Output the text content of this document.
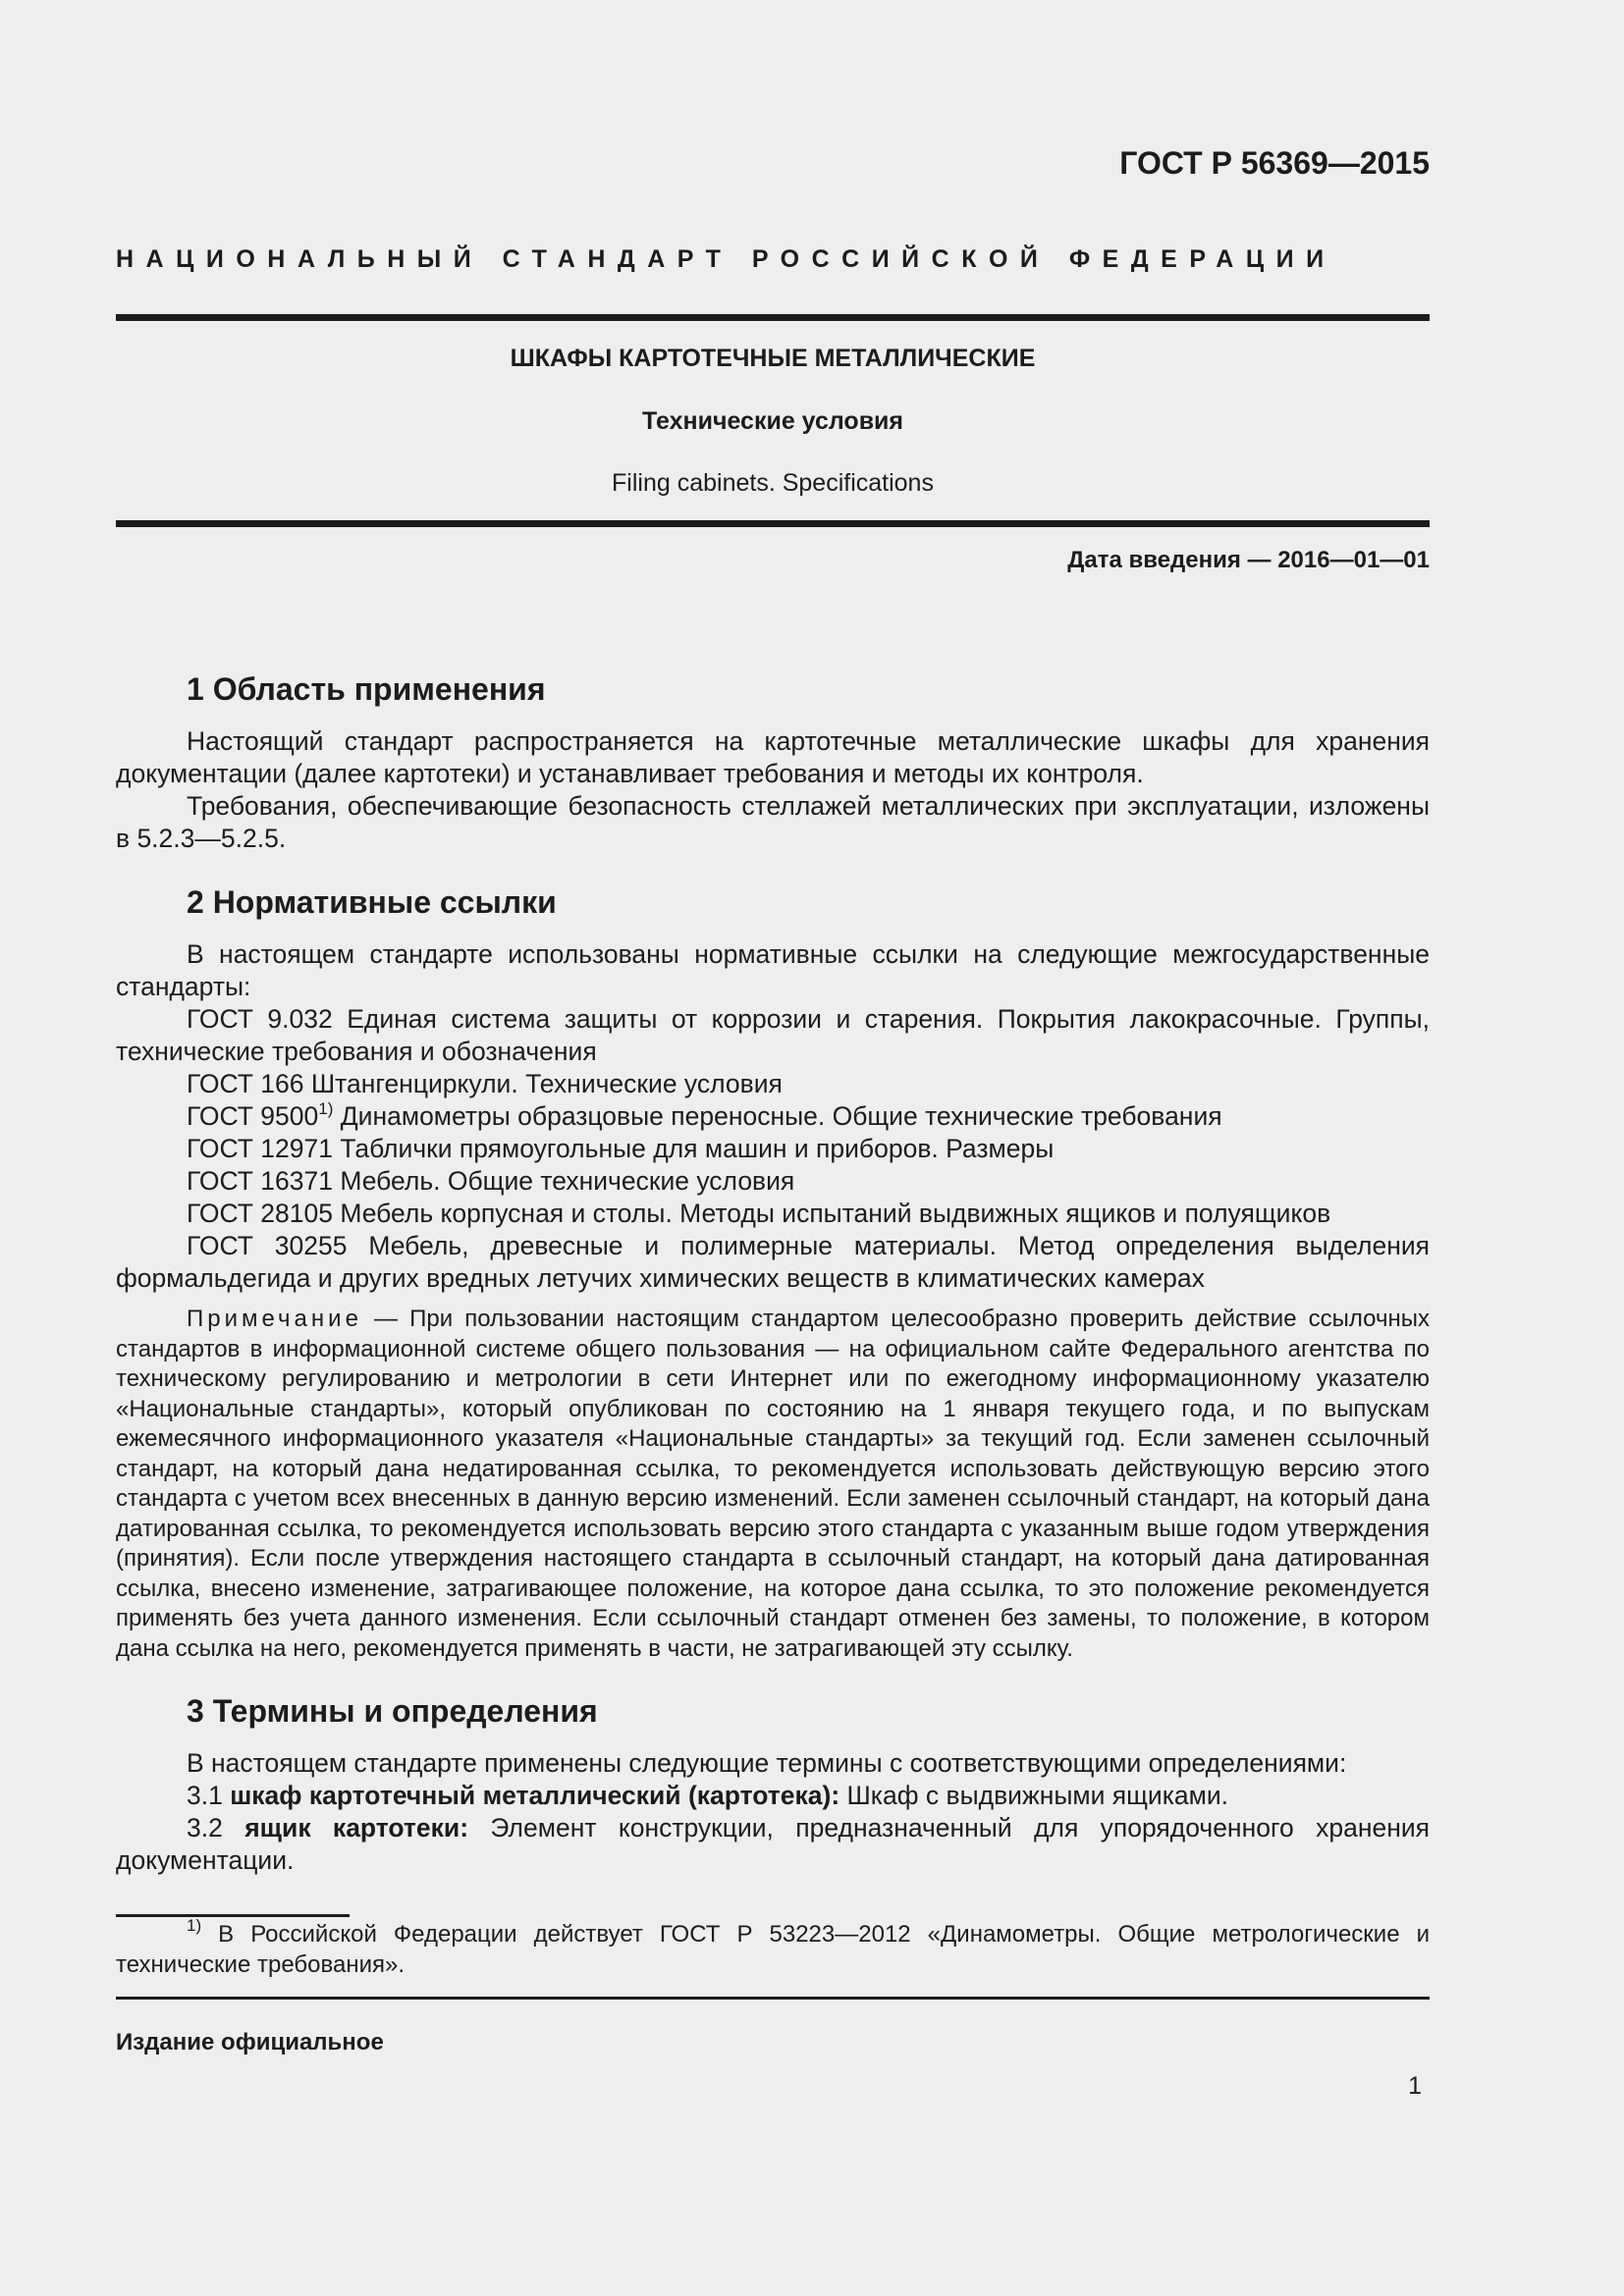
ГОСТ Р 56369—2015
НАЦИОНАЛЬНЫЙ СТАНДАРТ РОССИЙСКОЙ ФЕДЕРАЦИИ
ШКАФЫ КАРТОТЕЧНЫЕ МЕТАЛЛИЧЕСКИЕ
Технические условия
Filing cabinets. Specifications
Дата введения — 2016—01—01
1 Область применения

Настоящий стандарт распространяется на картотечные металлические шкафы для хранения документации (далее картотеки) и устанавливает требования и методы их контроля.

Требования, обеспечивающие безопасность стеллажей металлических при эксплуатации, изложены в 5.2.3—5.2.5.

2 Нормативные ссылки

В настоящем стандарте использованы нормативные ссылки на следующие межгосударственные стандарты:

ГОСТ 9.032 Единая система защиты от коррозии и старения. Покрытия лакокрасочные. Группы, технические требования и обозначения

ГОСТ 166 Штангенциркули. Технические условия

ГОСТ 9500$^{1)}$ Динамометры образцовые переносные. Общие технические требования

ГОСТ 12971 Таблички прямоугольные для машин и приборов. Размеры

ГОСТ 16371 Мебель. Общие технические условия

ГОСТ 28105 Мебель корпусная и столы. Методы испытаний выдвижных ящиков и полуящиков

ГОСТ 30255 Мебель, древесные и полимерные материалы. Метод определения выделения формальдегида и других вредных летучих химических веществ в климатических камерах

Примечание — При пользовании настоящим стандартом целесообразно проверить действие ссылочных стандартов в информационной системе общего пользования — на официальном сайте Федерального агентства по техническому регулированию и метрологии в сети Интернет или по ежегодному информационному указателю «Национальные стандарты», который опубликован по состоянию на 1 января текущего года, и по выпускам ежемесячного информационного указателя «Национальные стандарты» за текущий год. Если заменен ссылочный стандарт, на который дана недатированная ссылка, то рекомендуется использовать действующую версию этого стандарта с учетом всех внесенных в данную версию изменений. Если заменен ссылочный стандарт, на который дана датированная ссылка, то рекомендуется использовать версию этого стандарта с указанным выше годом утверждения (принятия). Если после утверждения настоящего стандарта в ссылочный стандарт, на который дана датированная ссылка, внесено изменение, затрагивающее положение, на которое дана ссылка, то это положение рекомендуется применять без учета данного изменения. Если ссылочный стандарт отменен без замены, то положение, в котором дана ссылка на него, рекомендуется применять в части, не затрагивающей эту ссылку.

3 Термины и определения

В настоящем стандарте применены следующие термины с соответствующими определениями:

3.1 шкаф картотечный металлический (картотека): Шкаф с выдвижными ящиками.

3.2 ящик картотеки: Элемент конструкции, предназначенный для упорядоченного хранения документации.

$^{1)}$ В Российской Федерации действует ГОСТ Р 53223—2012 «Динамометры. Общие метрологические и технические требования».
Издание официальное
1
